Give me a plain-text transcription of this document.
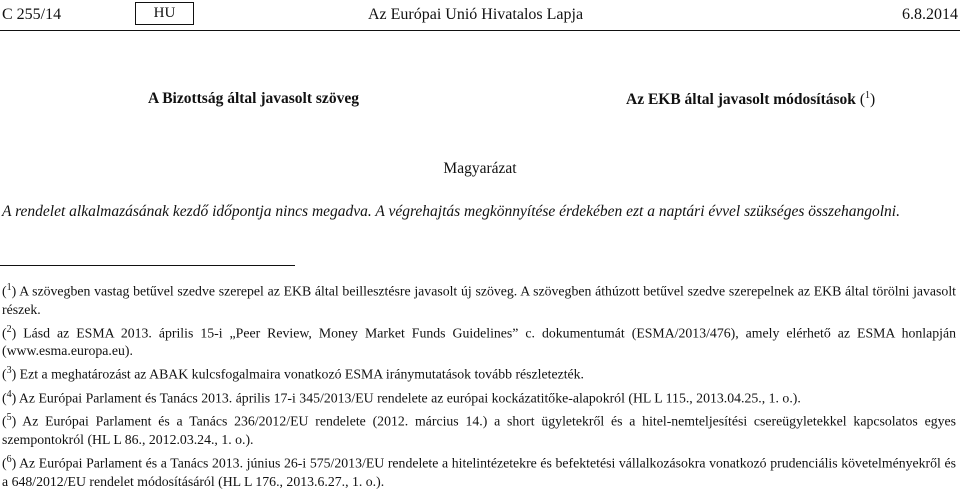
C 255/14	HU	Az Európai Unió Hivatalos Lapja	6.8.2014
A Bizottság által javasolt szöveg	Az EKB által javasolt módosítások ($^1$)
Magyarázat
A rendelet alkalmazásának kezdő időpontja nincs megadva. A végrehajtás megkönnyítése érdekében ezt a naptári évvel szükséges összehangolni.

($^1$) A szövegben vastag betűvel szedve szerepel az EKB által beillesztésre javasolt új szöveg. A szövegben áthúzott betűvel szedve szerepelnek az EKB által törölni javasolt részek.

($^2$) Lásd az ESMA 2013. április 15-i „Peer Review, Money Market Funds Guidelines” c. dokumentumát (ESMA/2013/476), amely elérhető az ESMA honlapján (www.esma.europa.eu).

($^3$) Ezt a meghatározást az ABAK kulcsfogalmaira vonatkozó ESMA iránymutatások tovább részletezték.

($^4$) Az Európai Parlament és Tanács 2013. április 17-i 345/2013/EU rendelete az európai kockázatitőke-alapokról (HL L 115., 2013.04.25., 1. o.).

($^5$) Az Európai Parlament és a Tanács 236/2012/EU rendelete (2012. március 14.) a short ügyletekről és a hitel-nemteljesítési csereügyletekkel kapcsolatos egyes szempontokról (HL L 86., 2012.03.24., 1. o.).

($^6$) Az Európai Parlament és a Tanács 2013. június 26-i 575/2013/EU rendelete a hitelintézetekre és befektetési vállalkozásokra vonatkozó prudenciális követelményekről és a 648/2012/EU rendelet módosításáról (HL L 176., 2013.6.27., 1. o.).
